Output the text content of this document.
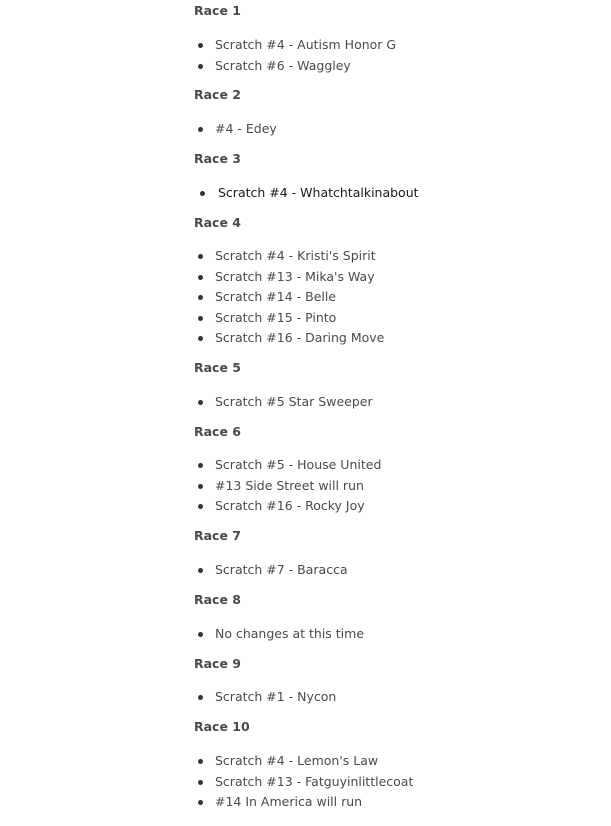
Race 1
Scratch #4 - Autism Honor G
Scratch #6 - Waggley
Race 2
#4 - Edey
Race 3
Scratch #4 - Whatchtalkinabout
Race 4
Scratch #4 - Kristi's Spirit
Scratch #13 - Mika's Way
Scratch #14 - Belle
Scratch #15 - Pinto
Scratch #16 - Daring Move
Race 5
Scratch #5 Star Sweeper
Race 6
Scratch #5 - House United
#13 Side Street will run
Scratch #16 - Rocky Joy
Race 7
Scratch #7 - Baracca
Race 8
No changes at this time
Race 9
Scratch #1 - Nycon
Race 10
Scratch #4 - Lemon's Law
Scratch #13 - Fatguyinlittlecoat
#14 In America will run
